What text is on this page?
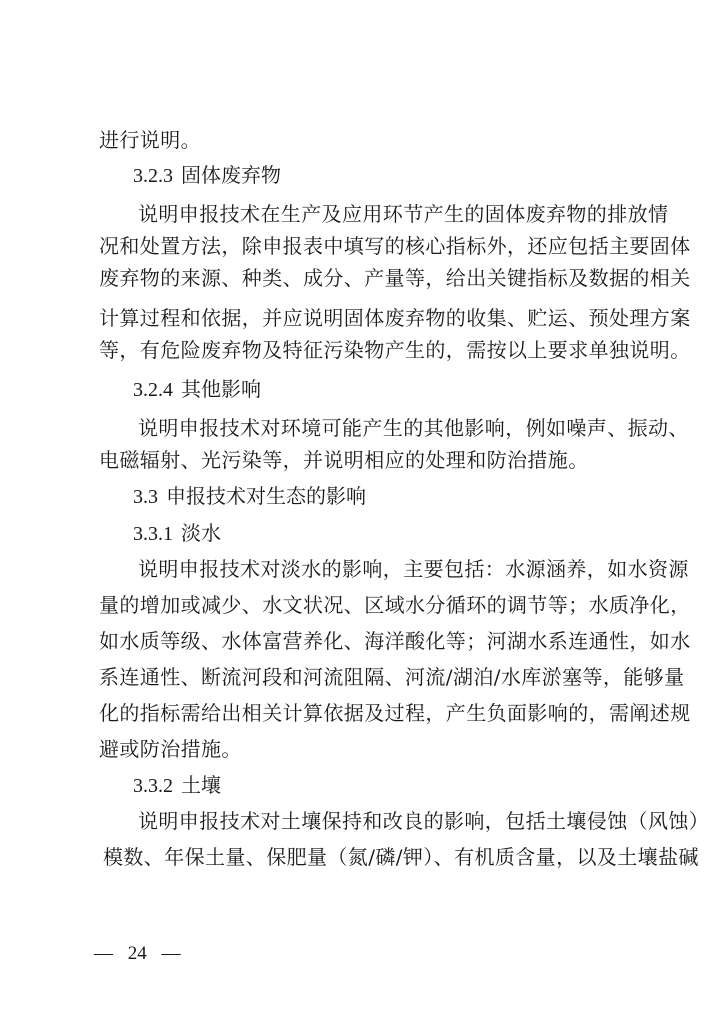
进行说明。
3.2.3 固体废弃物
说明申报技术在生产及应用环节产生的固体废弃物的排放情
况和处置方法，除申报表中填写的核心指标外，还应包括主要固体
废弃物的来源、种类、成分、产量等，给出关键指标及数据的相关
计算过程和依据，并应说明固体废弃物的收集、贮运、预处理方案
等，有危险废弃物及特征污染物产生的，需按以上要求单独说明。
3.2.4 其他影响
说明申报技术对环境可能产生的其他影响，例如噪声、振动、
电磁辐射、光污染等，并说明相应的处理和防治措施。
3.3 申报技术对生态的影响
3.3.1 淡水
说明申报技术对淡水的影响，主要包括：水源涵养，如水资源
量的增加或减少、水文状况、区域水分循环的调节等；水质净化，
如水质等级、水体富营养化、海洋酸化等；河湖水系连通性，如水
系连通性、断流河段和河流阻隔、河流/湖泊/水库淤塞等，能够量
化的指标需给出相关计算依据及过程，产生负面影响的，需阐述规
避或防治措施。
3.3.2 土壤
说明申报技术对土壤保持和改良的影响，包括土壤侵蚀（风蚀）
模数、年保土量、保肥量（氮/磷/钾）、有机质含量，以及土壤盐碱
— 24 —
